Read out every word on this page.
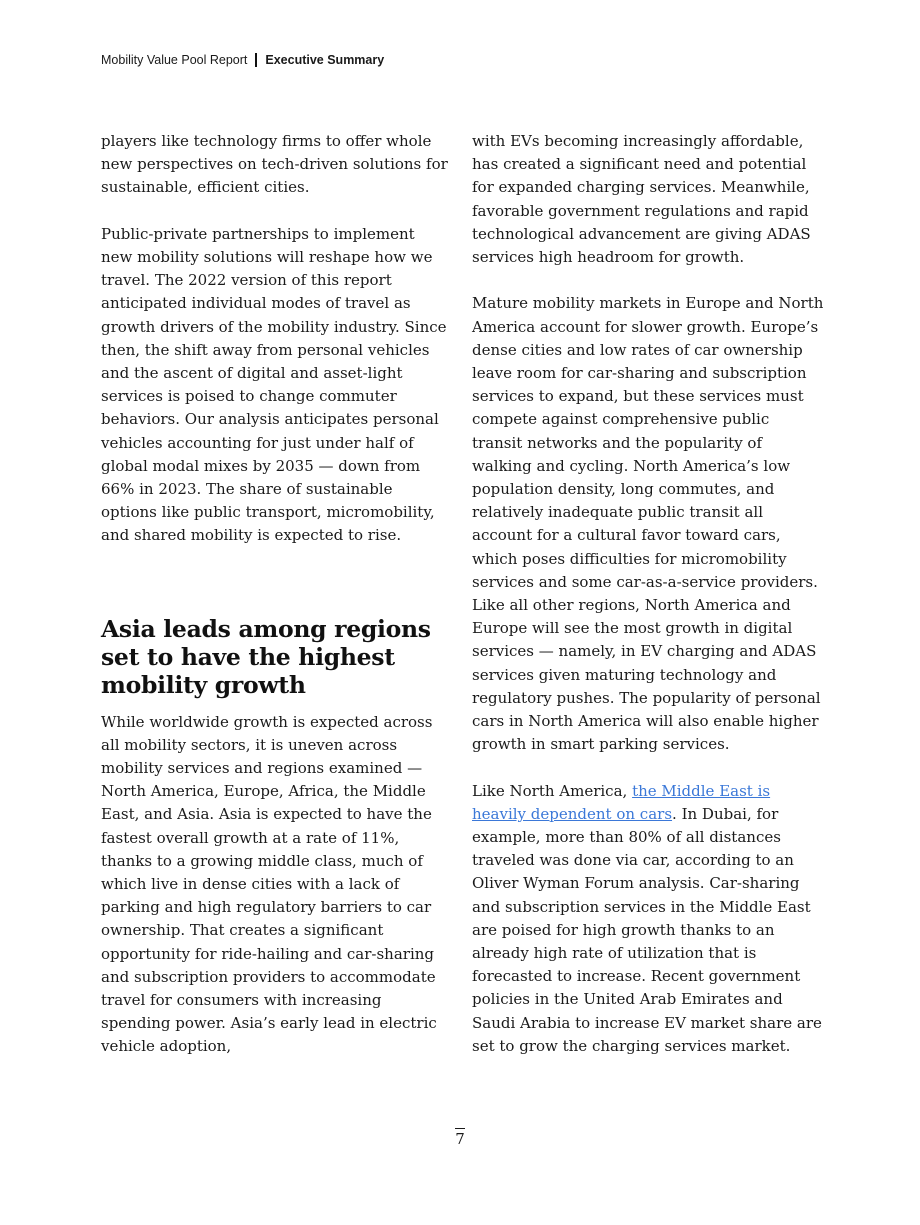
Mobility Value Pool Report Executive Summary

players like technology firms to offer whole new perspectives on tech-driven solutions for sustainable, efficient cities.

Public-private partnerships to implement new mobility solutions will reshape how we travel. The 2022 version of this report anticipated individual modes of travel as growth drivers of the mobility industry. Since then, the shift away from personal vehicles and the ascent of digital and asset-light services is poised to change commuter behaviors. Our analysis anticipates personal vehicles accounting for just under half of global modal mixes by 2035 — down from 66% in 2023. The share of sustainable options like public transport, micromobility, and shared mobility is expected to rise.

Asia leads among regions set to have the highest mobility growth

While worldwide growth is expected across all mobility sectors, it is uneven across mobility services and regions examined — North America, Europe, Africa, the Middle East, and Asia. Asia is expected to have the fastest overall growth at a rate of 11%, thanks to a growing middle class, much of which live in dense cities with a lack of parking and high regulatory barriers to car ownership. That creates a significant opportunity for ride-hailing and car-sharing and subscription providers to accommodate travel for consumers with increasing spending power. Asia’s early lead in electric vehicle adoption,

with EVs becoming increasingly affordable, has created a significant need and potential for expanded charging services. Meanwhile, favorable government regulations and rapid technological advancement are giving ADAS services high headroom for growth.

Mature mobility markets in Europe and North America account for slower growth. Europe’s dense cities and low rates of car ownership leave room for car-sharing and subscription services to expand, but these services must compete against comprehensive public transit networks and the popularity of walking and cycling. North America’s low population density, long commutes, and relatively inadequate public transit all account for a cultural favor toward cars, which poses difficulties for micromobility services and some car-as-a-service providers. Like all other regions, North America and Europe will see the most growth in digital services — namely, in EV charging and ADAS services given maturing technology and regulatory pushes. The popularity of personal cars in North America will also enable higher growth in smart parking services.

Like North America, the Middle East is heavily dependent on cars. In Dubai, for example, more than 80% of all distances traveled was done via car, according to an Oliver Wyman Forum analysis. Car-sharing and subscription services in the Middle East are poised for high growth thanks to an already high rate of utilization that is forecasted to increase. Recent government policies in the United Arab Emirates and Saudi Arabia to increase EV market share are set to grow the charging services market.

7
